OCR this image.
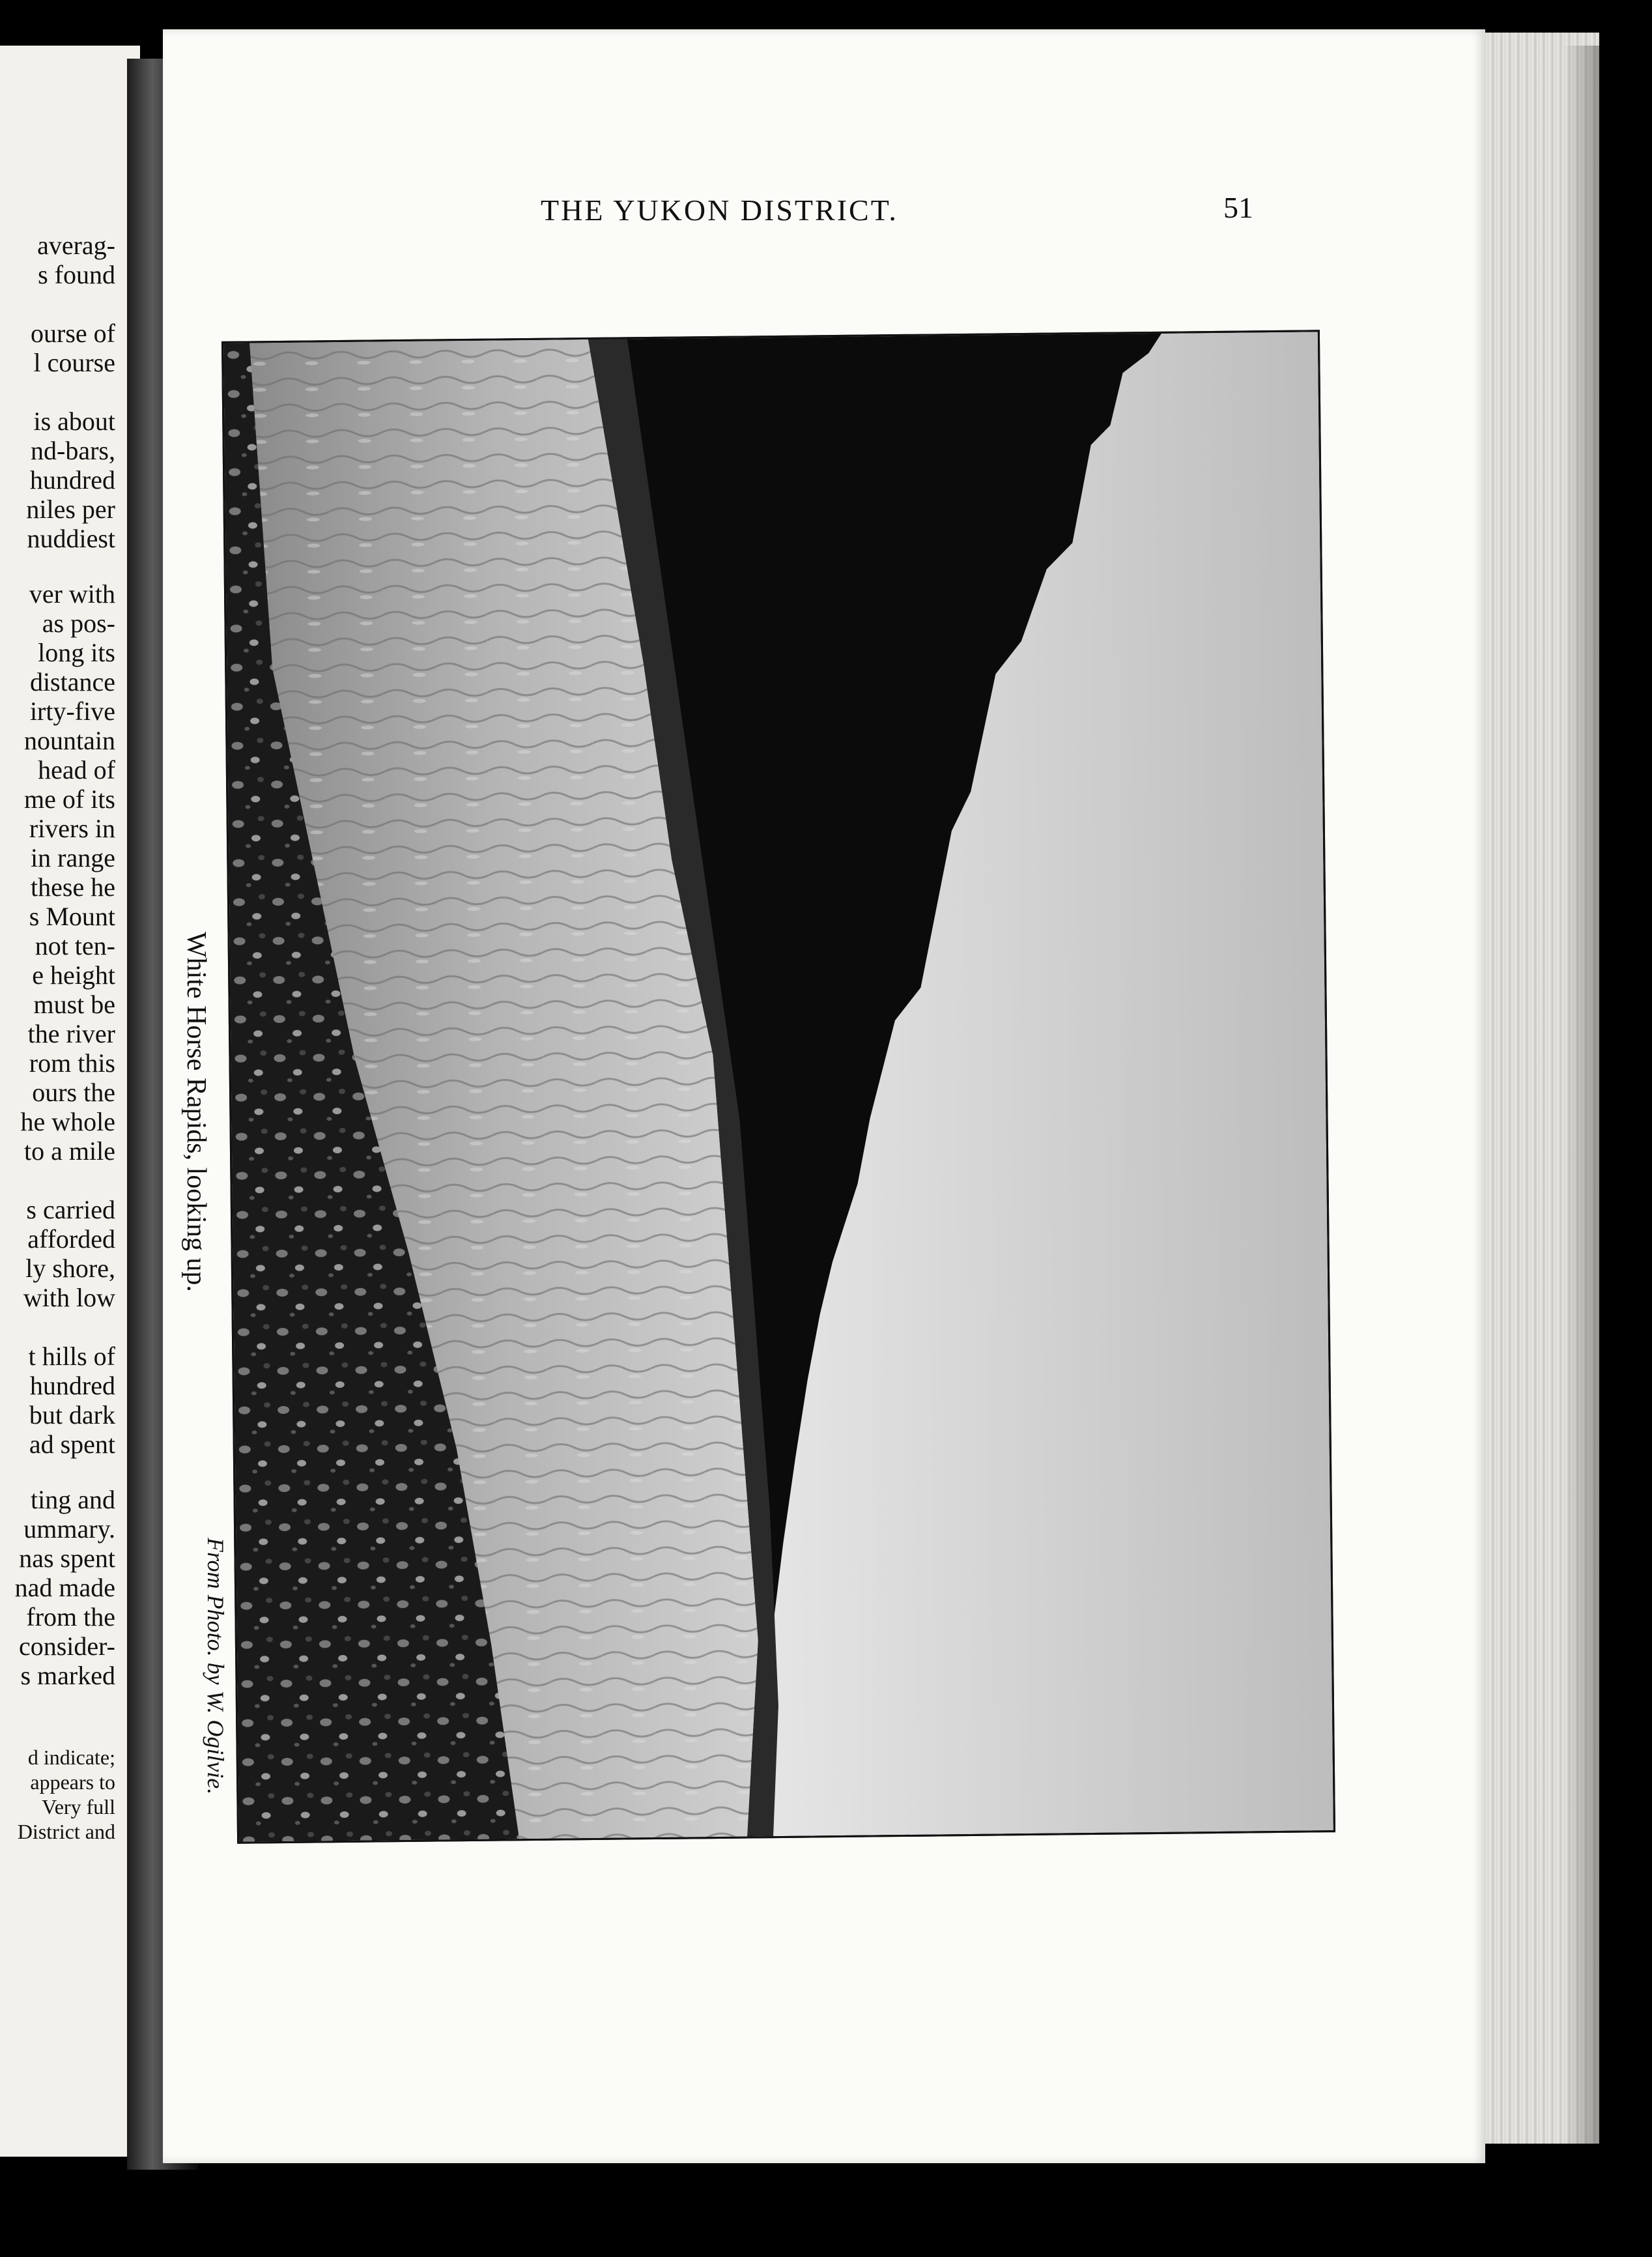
averag-
s found
ourse of
l course
is about
nd-bars,
hundred
niles per
nuddiest
ver with
as pos-
long its
distance
irty-five
nountain
head of
me of its
rivers in
in range
these he
s Mount
not ten-
e height
must be
the river
rom this
ours the
he whole
to a mile
s carried
afforded
ly shore,
with low
t hills of
hundred
but dark
ad spent
ting and
ummary.
nas spent
nad made
from the
consider-
s marked
d indicate;
appears to
Very full
District and
THE YUKON DISTRICT.	51
White Horse Rapids, looking up.
From Photo. by W. Ogilvie.
